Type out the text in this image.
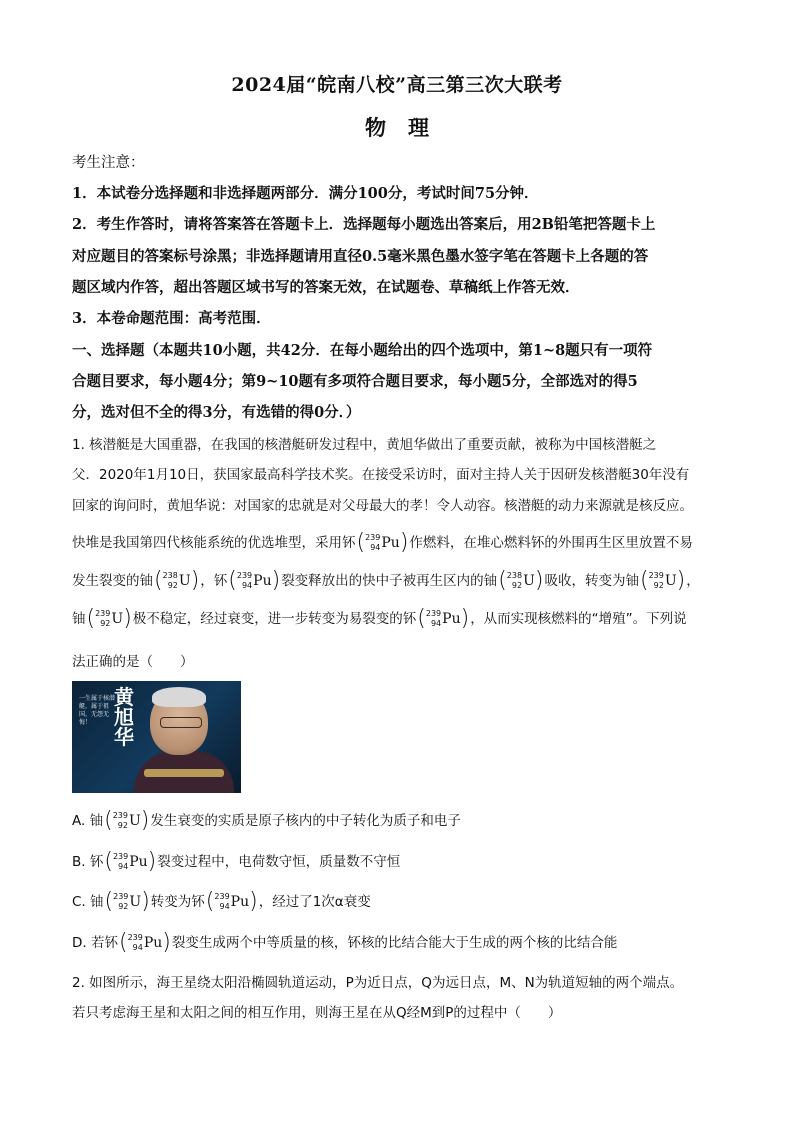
2024届“皖南八校”高三第三次大联考
物理
考生注意：
1．本试卷分选择题和非选择题两部分．满分100分，考试时间75分钟．
2．考生作答时，请将答案答在答题卡上．选择题每小题选出答案后，用2B铅笔把答题卡上
对应题目的答案标号涂黑；非选择题请用直径0.5毫米黑色墨水签字笔在答题卡上各题的答
题区域内作答，超出答题区域书写的答案无效，在试题卷、草稿纸上作答无效．
3．本卷命题范围：高考范围．
一、选择题（本题共10小题，共42分．在每小题给出的四个选项中，第1~8题只有一项符
合题目要求，每小题4分；第9~10题有多项符合题目要求，每小题5分，全部选对的得5
分，选对但不全的得3分，有选错的得0分．）
1. 核潜艇是大国重器，在我国的核潜艇研发过程中，黄旭华做出了重要贡献，被称为中国核潜艇之
父．2020年1月10日，获国家最高科学技术奖。在接受采访时，面对主持人关于因研发核潜艇30年没有
回家的询问时，黄旭华说：对国家的忠就是对父母最大的孝！令人动容。核潜艇的动力来源就是核反应。
快堆是我国第四代核能系统的优选堆型，采用钚( 239
94 Pu)作燃料，在堆心燃料钚的外围再生区里放置不易
发生裂变的铀( 238
92 U)，钚( 239
94 Pu)裂变释放出的快中子被再生区内的铀( 238
92 U)吸收，转变为铀( 239
92 U)，
铀( 239
92 U)极不稳定，经过衰变，进一步转变为易裂变的钚( 239
94 Pu)，从而实现核燃料的“增殖”。下列说
法正确的是（　　）
一生属于核潜艇，属于祖国，无怨无悔！
黄旭华
A. 铀( 239
92 U)发生衰变的实质是原子核内的中子转化为质子和电子
B. 钚( 239
94 Pu)裂变过程中，电荷数守恒，质量数不守恒
C. 铀( 239
92 U)转变为钚( 239
94 Pu)，经过了1次α衰变
D. 若钚( 239
94 Pu)裂变生成两个中等质量的核，钚核的比结合能大于生成的两个核的比结合能
2. 如图所示，海王星绕太阳沿椭圆轨道运动，P为近日点，Q为远日点，M、N为轨道短轴的两个端点。
若只考虑海王星和太阳之间的相互作用，则海王星在从Q经M到P的过程中（　　）
